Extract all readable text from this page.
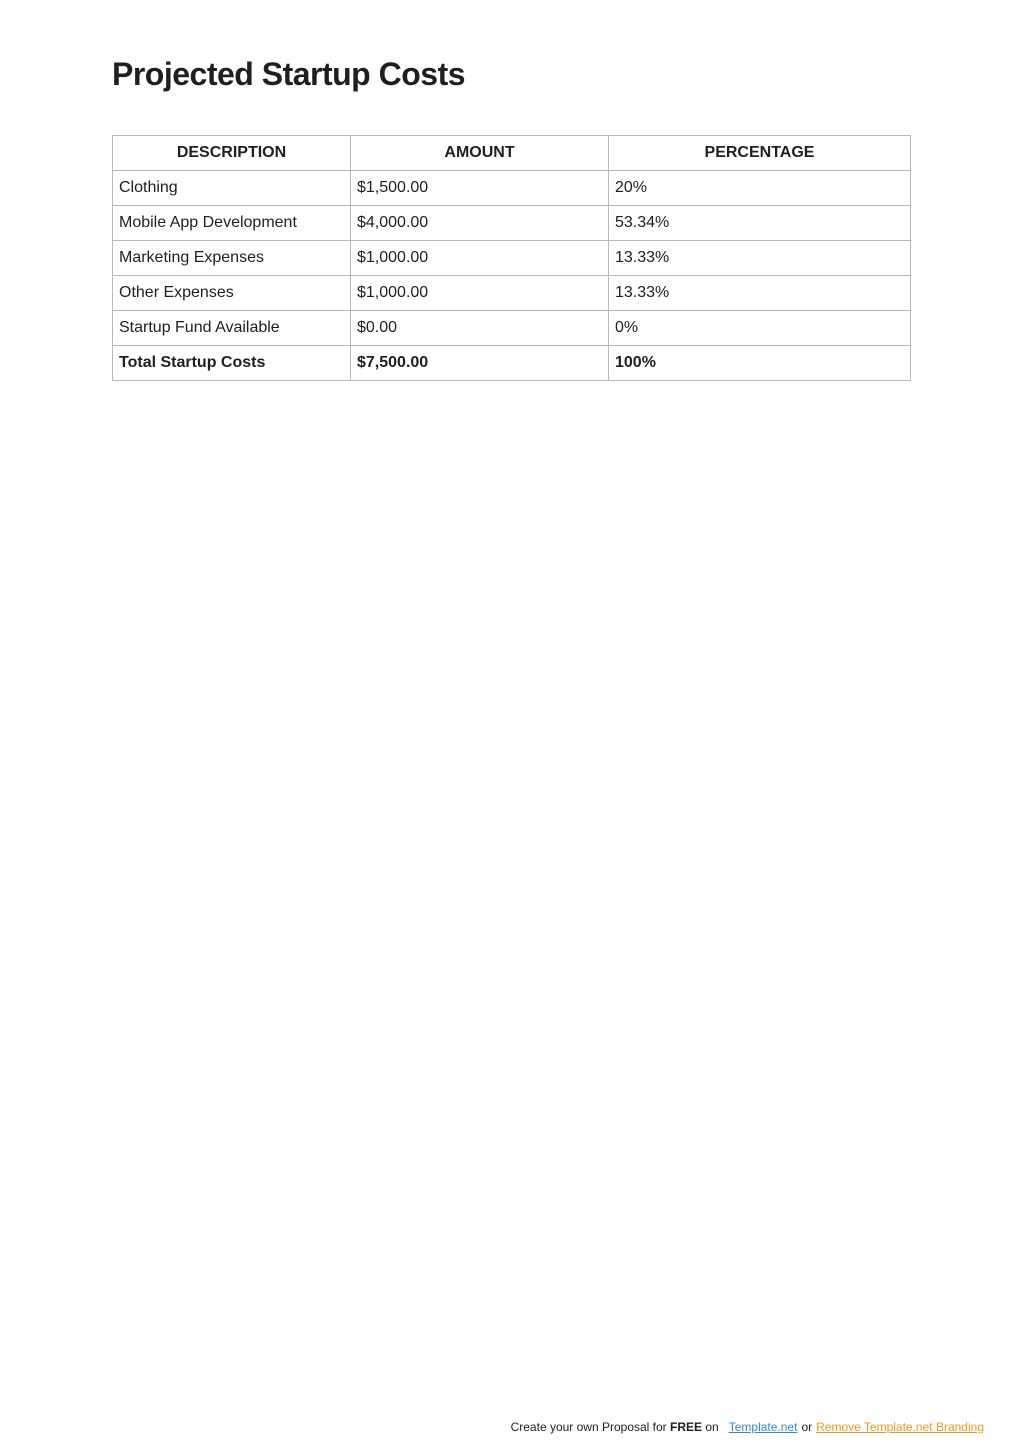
Projected Startup Costs
DESCRIPTION	AMOUNT	PERCENTAGE
Clothing	$1,500.00	20%
Mobile App Development	$4,000.00	53.34%
Marketing Expenses	$1,000.00	13.33%
Other Expenses	$1,000.00	13.33%
Startup Fund Available	$0.00	0%
Total Startup Costs	$7,500.00	100%
Create your own Proposal for FREE on Template.net or Remove Template.net Branding
